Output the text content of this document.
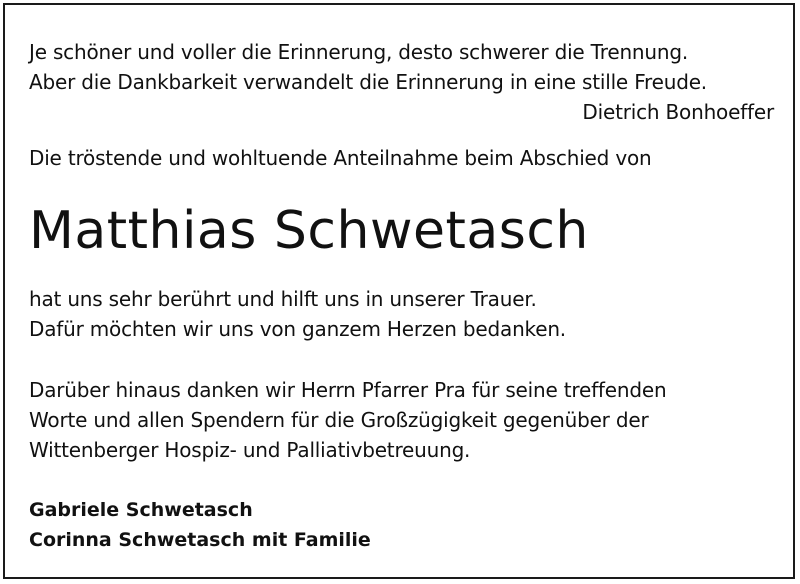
Je schöner und voller die Erinnerung, desto schwerer die Trennung.
Aber die Dankbarkeit verwandelt die Erinnerung in eine stille Freude.
Dietrich Bonhoeffer
Die tröstende und wohltuende Anteilnahme beim Abschied von
Matthias Schwetasch
hat uns sehr berührt und hilft uns in unserer Trauer.
Dafür möchten wir uns von ganzem Herzen bedanken.
Darüber hinaus danken wir Herrn Pfarrer Pra für seine treffenden
Worte und allen Spendern für die Großzügigkeit gegenüber der
Wittenberger Hospiz- und Palliativbetreuung.
Gabriele Schwetasch
Corinna Schwetasch mit Familie
